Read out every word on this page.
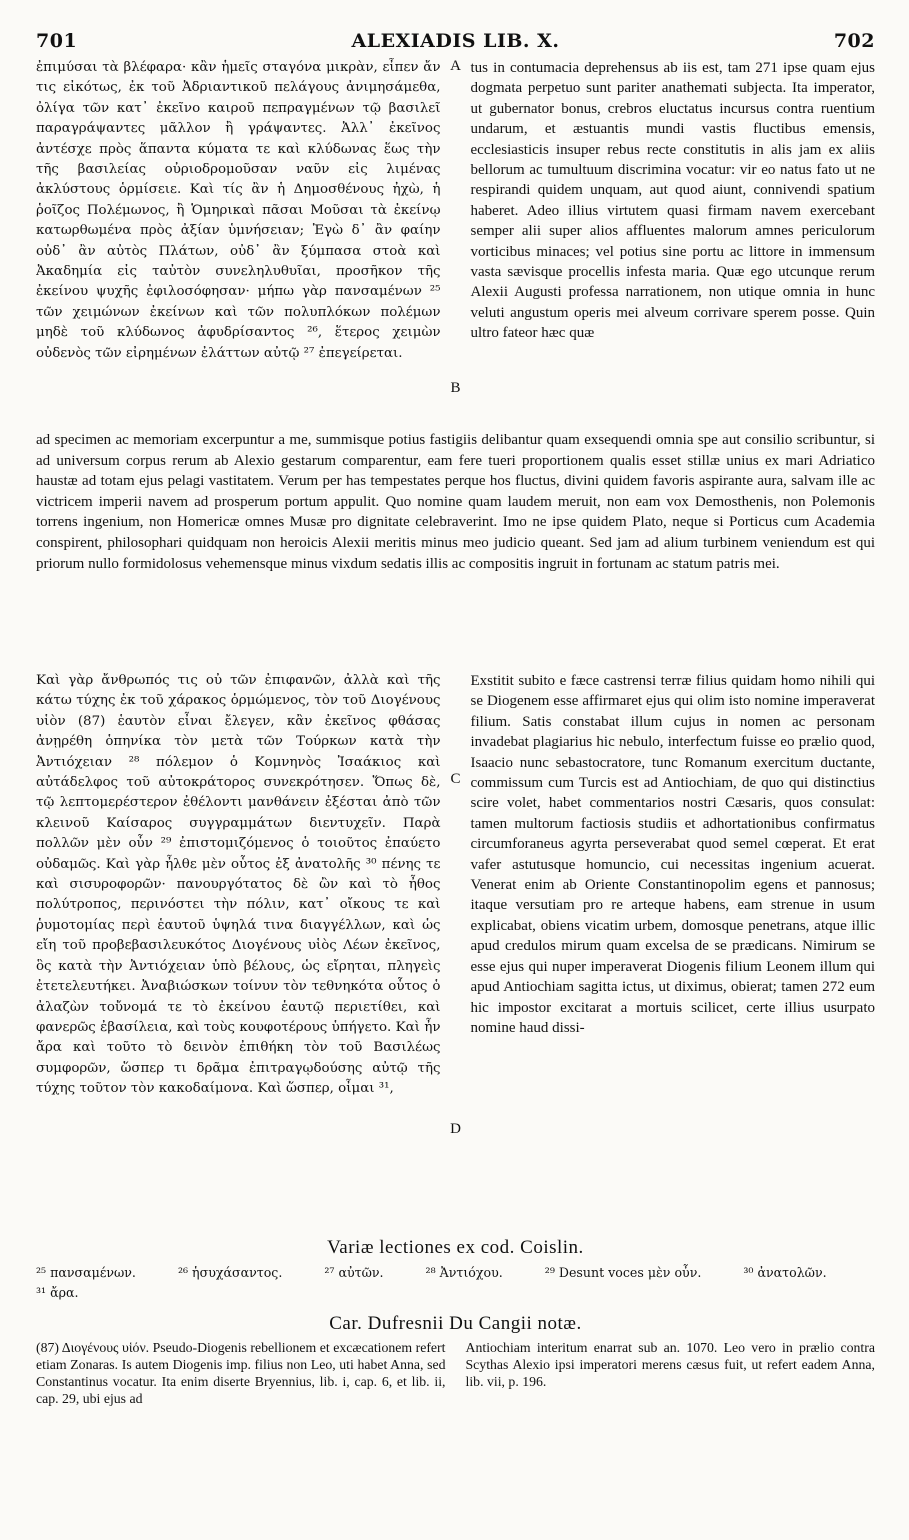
701	ALEXIADIS LIB. X.	702

ἐπιμύσαι τὰ βλέφαρα· κἂν ἡμεῖς σταγόνα μικρὰν, εἶπεν ἄν τις εἰκότως, ἐκ τοῦ Ἀδριαντικοῦ πελάγους ἀνιμησάμεθα, ὀλίγα τῶν κατ᾽ ἐκεῖνο καιροῦ πεπραγμένων τῷ βασιλεῖ παραγράψαντες μᾶλλον ἢ γράψαντες. Ἀλλ᾽ ἐκεῖνος ἀντέσχε πρὸς ἅπαντα κύματα τε καὶ κλύδωνας ἕως τὴν τῆς βασιλείας οὐριοδρομοῦσαν ναῦν εἰς λιμένας ἀκλύστους ὁρμίσειε. Καὶ τίς ἂν ἡ Δημοσθένους ἠχὼ, ἡ ῥοῖζος Πολέμωνος, ἢ Ὁμηρικαὶ πᾶσαι Μοῦσαι τὰ ἐκείνῳ κατωρθωμένα πρὸς ἀξίαν ὑμνήσειαν; Ἐγὼ δ᾽ ἂν φαίην οὐδ᾽ ἂν αὐτὸς Πλάτων, οὐδ᾽ ἂν ξύμπασα στοὰ καὶ Ἀκαδημία εἰς ταὐτὸν συνεληλυθυῖαι, προσῆκον τῆς ἐκείνου ψυχῆς ἐφιλοσόφησαν· μήπω γὰρ πανσαμένων ²⁵ τῶν χειμώνων ἐκείνων καὶ τῶν πολυπλόκων πολέμων μηδὲ τοῦ κλύδωνος ἀφυδρίσαντος ²⁶, ἕτερος χειμὼν οὐδενὸς τῶν εἰρημένων ἐλάττων αὐτῷ ²⁷ ἐπεγείρεται.

A
B

tus in contumacia deprehensus ab iis est, tam 271 ipse quam ejus dogmata perpetuo sunt pariter anathemati subjecta. Ita imperator, ut gubernator bonus, crebros eluctatus incursus contra ruentium undarum, et æstuantis mundi vastis fluctibus emensis, ecclesiasticis insuper rebus recte constitutis in alis jam ex aliis bellorum ac tumultuum discrimina vocatur: vir eo natus fato ut ne respirandi quidem unquam, aut quod aiunt, connivendi spatium haberet. Adeo illius virtutem quasi firmam navem exercebant semper alii super alios affluentes malorum amnes periculorum vorticibus minaces; vel potius sine portu ac littore in immensum vasta sævisque procellis infesta maria. Quæ ego utcunque rerum Alexii Augusti professa narrationem, non utique omnia in hunc veluti angustum operis mei alveum corrivare sperem posse. Quin ultro fateor hæc quæ

ad specimen ac memoriam excerpuntur a me, summisque potius fastigiis delibantur quam exsequendi omnia spe aut consilio scribuntur, si ad universum corpus rerum ab Alexio gestarum comparentur, eam fere tueri proportionem qualis esset stillæ unius ex mari Adriatico haustæ ad totam ejus pelagi vastitatem. Verum per has tempestates perque hos fluctus, divini quidem favoris aspirante aura, salvam ille ac victricem imperii navem ad prosperum portum appulit. Quo nomine quam laudem meruit, non eam vox Demosthenis, non Polemonis torrens ingenium, non Homericæ omnes Musæ pro dignitate celebraverint. Imo ne ipse quidem Plato, neque si Porticus cum Academia conspirent, philosophari quidquam non heroicis Alexii meritis minus meo judicio queant. Sed jam ad alium turbinem veniendum est qui priorum nullo formidolosus vehemensque minus vixdum sedatis illis ac compositis ingruit in fortunam ac statum patris mei.

Καὶ γὰρ ἄνθρωπός τις οὐ τῶν ἐπιφανῶν, ἀλλὰ καὶ τῆς κάτω τύχης ἐκ τοῦ χάρακος ὁρμώμενος, τὸν τοῦ Διογένους υἱὸν (87) ἑαυτὸν εἶναι ἔλεγεν, κἂν ἐκεῖνος φθάσας ἀνῃρέθη ὁπηνίκα τὸν μετὰ τῶν Τούρκων κατὰ τὴν Ἀντιόχειαν ²⁸ πόλεμον ὁ Κομνηνὸς Ἰσαάκιος καὶ αὐτάδελφος τοῦ αὐτοκράτορος συνεκρότησεν. Ὅπως δὲ, τῷ λεπτομερέστερον ἐθέλοντι μανθάνειν ἐξέσται ἀπὸ τῶν κλεινοῦ Καίσαρος συγγραμμάτων διεντυχεῖν. Παρὰ πολλῶν μὲν οὖν ²⁹ ἐπιστομιζόμενος ὁ τοιοῦτος ἐπαύετο οὐδαμῶς. Καὶ γὰρ ἦλθε μὲν οὗτος ἐξ ἀνατολῆς ³⁰ πένης τε καὶ σισυροφορῶν· πανουργότατος δὲ ὢν καὶ τὸ ἦθος πολύτροπος, περινόστει τὴν πόλιν, κατ᾽ οἴκους τε καὶ ῥυμοτομίας περὶ ἑαυτοῦ ὑψηλά τινα διαγγέλλων, καὶ ὡς εἴη τοῦ προβεβασιλευκότος Διογένους υἱὸς Λέων ἐκεῖνος, ὃς κατὰ τὴν Ἀντιόχειαν ὑπὸ βέλους, ὡς εἴρηται, πληγεὶς ἐτετελευτήκει. Ἀναβιώσκων τοίνυν τὸν τεθνηκότα οὗτος ὁ ἀλαζὼν τοὔνομά τε τὸ ἐκείνου ἑαυτῷ περιετίθει, καὶ φανερῶς ἐβασίλεια, καὶ τοὺς κουφοτέρους ὑπήγετο. Καὶ ἦν ἄρα καὶ τοῦτο τὸ δεινὸν ἐπιθήκη τὸν τοῦ Βασιλέως συμφορῶν, ὥσπερ τι δρᾶμα ἐπιτραγῳδούσης αὐτῷ τῆς τύχης τοῦτον τὸν κακοδαίμονα. Καὶ ὥσπερ, οἶμαι ³¹,

C
D

Exstitit subito e fæce castrensi terræ filius quidam homo nihili qui se Diogenem esse affirmaret ejus qui olim isto nomine imperaverat filium. Satis constabat illum cujus in nomen ac personam invadebat plagiarius hic nebulo, interfectum fuisse eo prælio quod, Isaacio nunc sebastocratore, tunc Romanum exercitum ductante, commissum cum Turcis est ad Antiochiam, de quo qui distinctius scire volet, habet commentarios nostri Cæsaris, quos consulat: tamen multorum factiosis studiis et adhortationibus confirmatus circumforaneus agyrta perseverabat quod semel cœperat. Et erat vafer astutusque homuncio, cui necessitas ingenium acuerat. Venerat enim ab Oriente Constantinopolim egens et pannosus; itaque versutiam pro re arteque habens, eam strenue in usum explicabat, obiens vicatim urbem, domosque penetrans, atque illic apud credulos mirum quam excelsa de se prædicans. Nimirum se esse ejus qui nuper imperaverat Diogenis filium Leonem illum qui apud Antiochiam sagitta ictus, ut diximus, obierat; tamen 272 eum hic impostor excitarat a mortuis scilicet, certe illius usurpato nomine haud dissi-

Variæ lectiones ex cod. Coislin.
²⁵ πανσαμένων.	²⁶ ἡσυχάσαντος.	²⁷ αὐτῶν.	²⁸ Ἀντιόχου.	²⁹ Desunt voces μὲν οὖν.	³⁰ ἀνατολῶν.
³¹ ἄρα.
Car. Dufresnii Du Cangii notæ.

(87) Διογένους υἱόν. Pseudo-Diogenis rebellionem et excæcationem refert etiam Zonaras. Is autem Diogenis imp. filius non Leo, uti habet Anna, sed Constantinus vocatur. Ita enim diserte Bryennius, lib. i, cap. 6, et lib. ii, cap. 29, ubi ejus ad

Antiochiam interitum enarrat sub an. 1070. Leo vero in prælio contra Scythas Alexio ipsi imperatori merens cæsus fuit, ut refert eadem Anna, lib. vii, p. 196.
